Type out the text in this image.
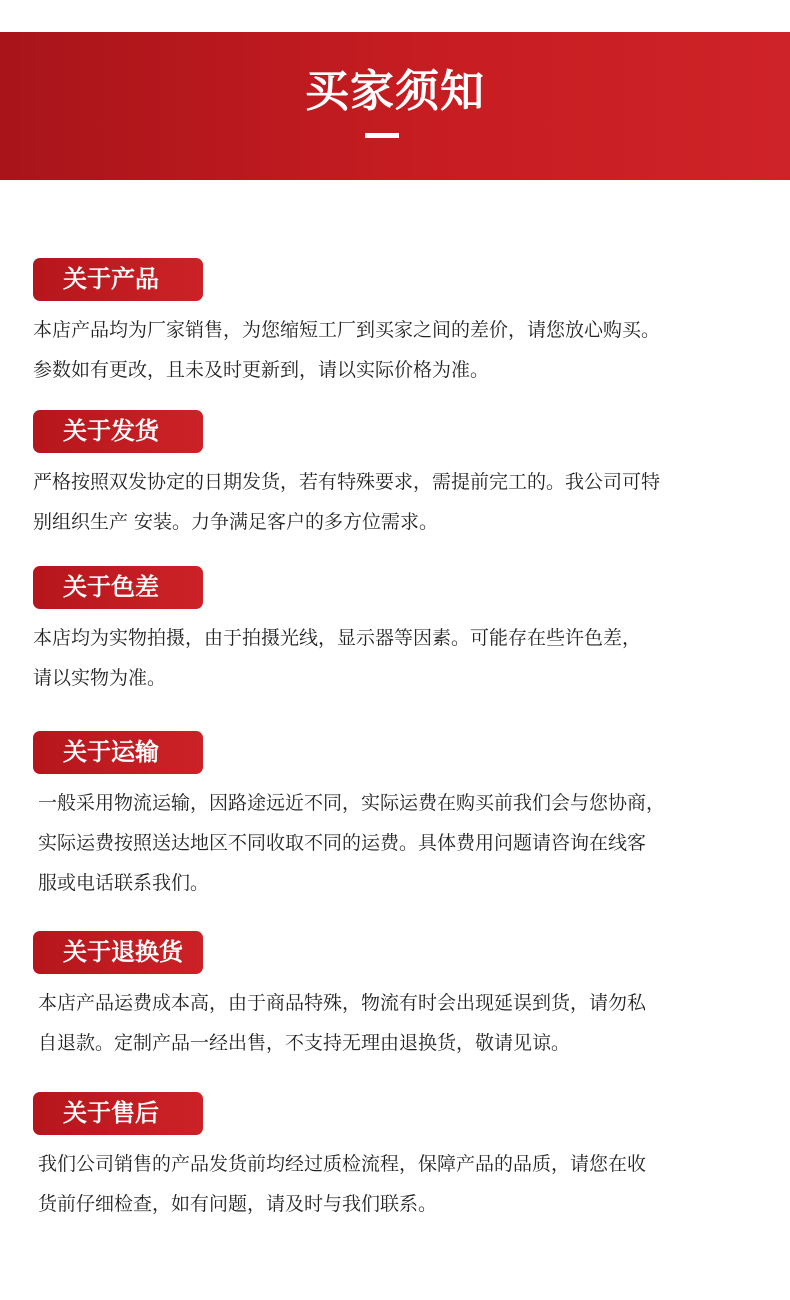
买家须知
关于产品
本店产品均为厂家销售，为您缩短工厂到买家之间的差价，请您放心购买。
参数如有更改，且未及时更新到，请以实际价格为准。
关于发货
严格按照双发协定的日期发货，若有特殊要求，需提前完工的。我公司可特
别组织生产 安装。力争满足客户的多方位需求。
关于色差
本店均为实物拍摄，由于拍摄光线，显示器等因素。可能存在些许色差，
请以实物为准。
关于运输
一般采用物流运输，因路途远近不同，实际运费在购买前我们会与您协商，
实际运费按照送达地区不同收取不同的运费。具体费用问题请咨询在线客
服或电话联系我们。
关于退换货
本店产品运费成本高，由于商品特殊，物流有时会出现延误到货，请勿私
自退款。定制产品一经出售，不支持无理由退换货，敬请见谅。
关于售后
我们公司销售的产品发货前均经过质检流程，保障产品的品质，请您在收
货前仔细检查，如有问题，请及时与我们联系。
